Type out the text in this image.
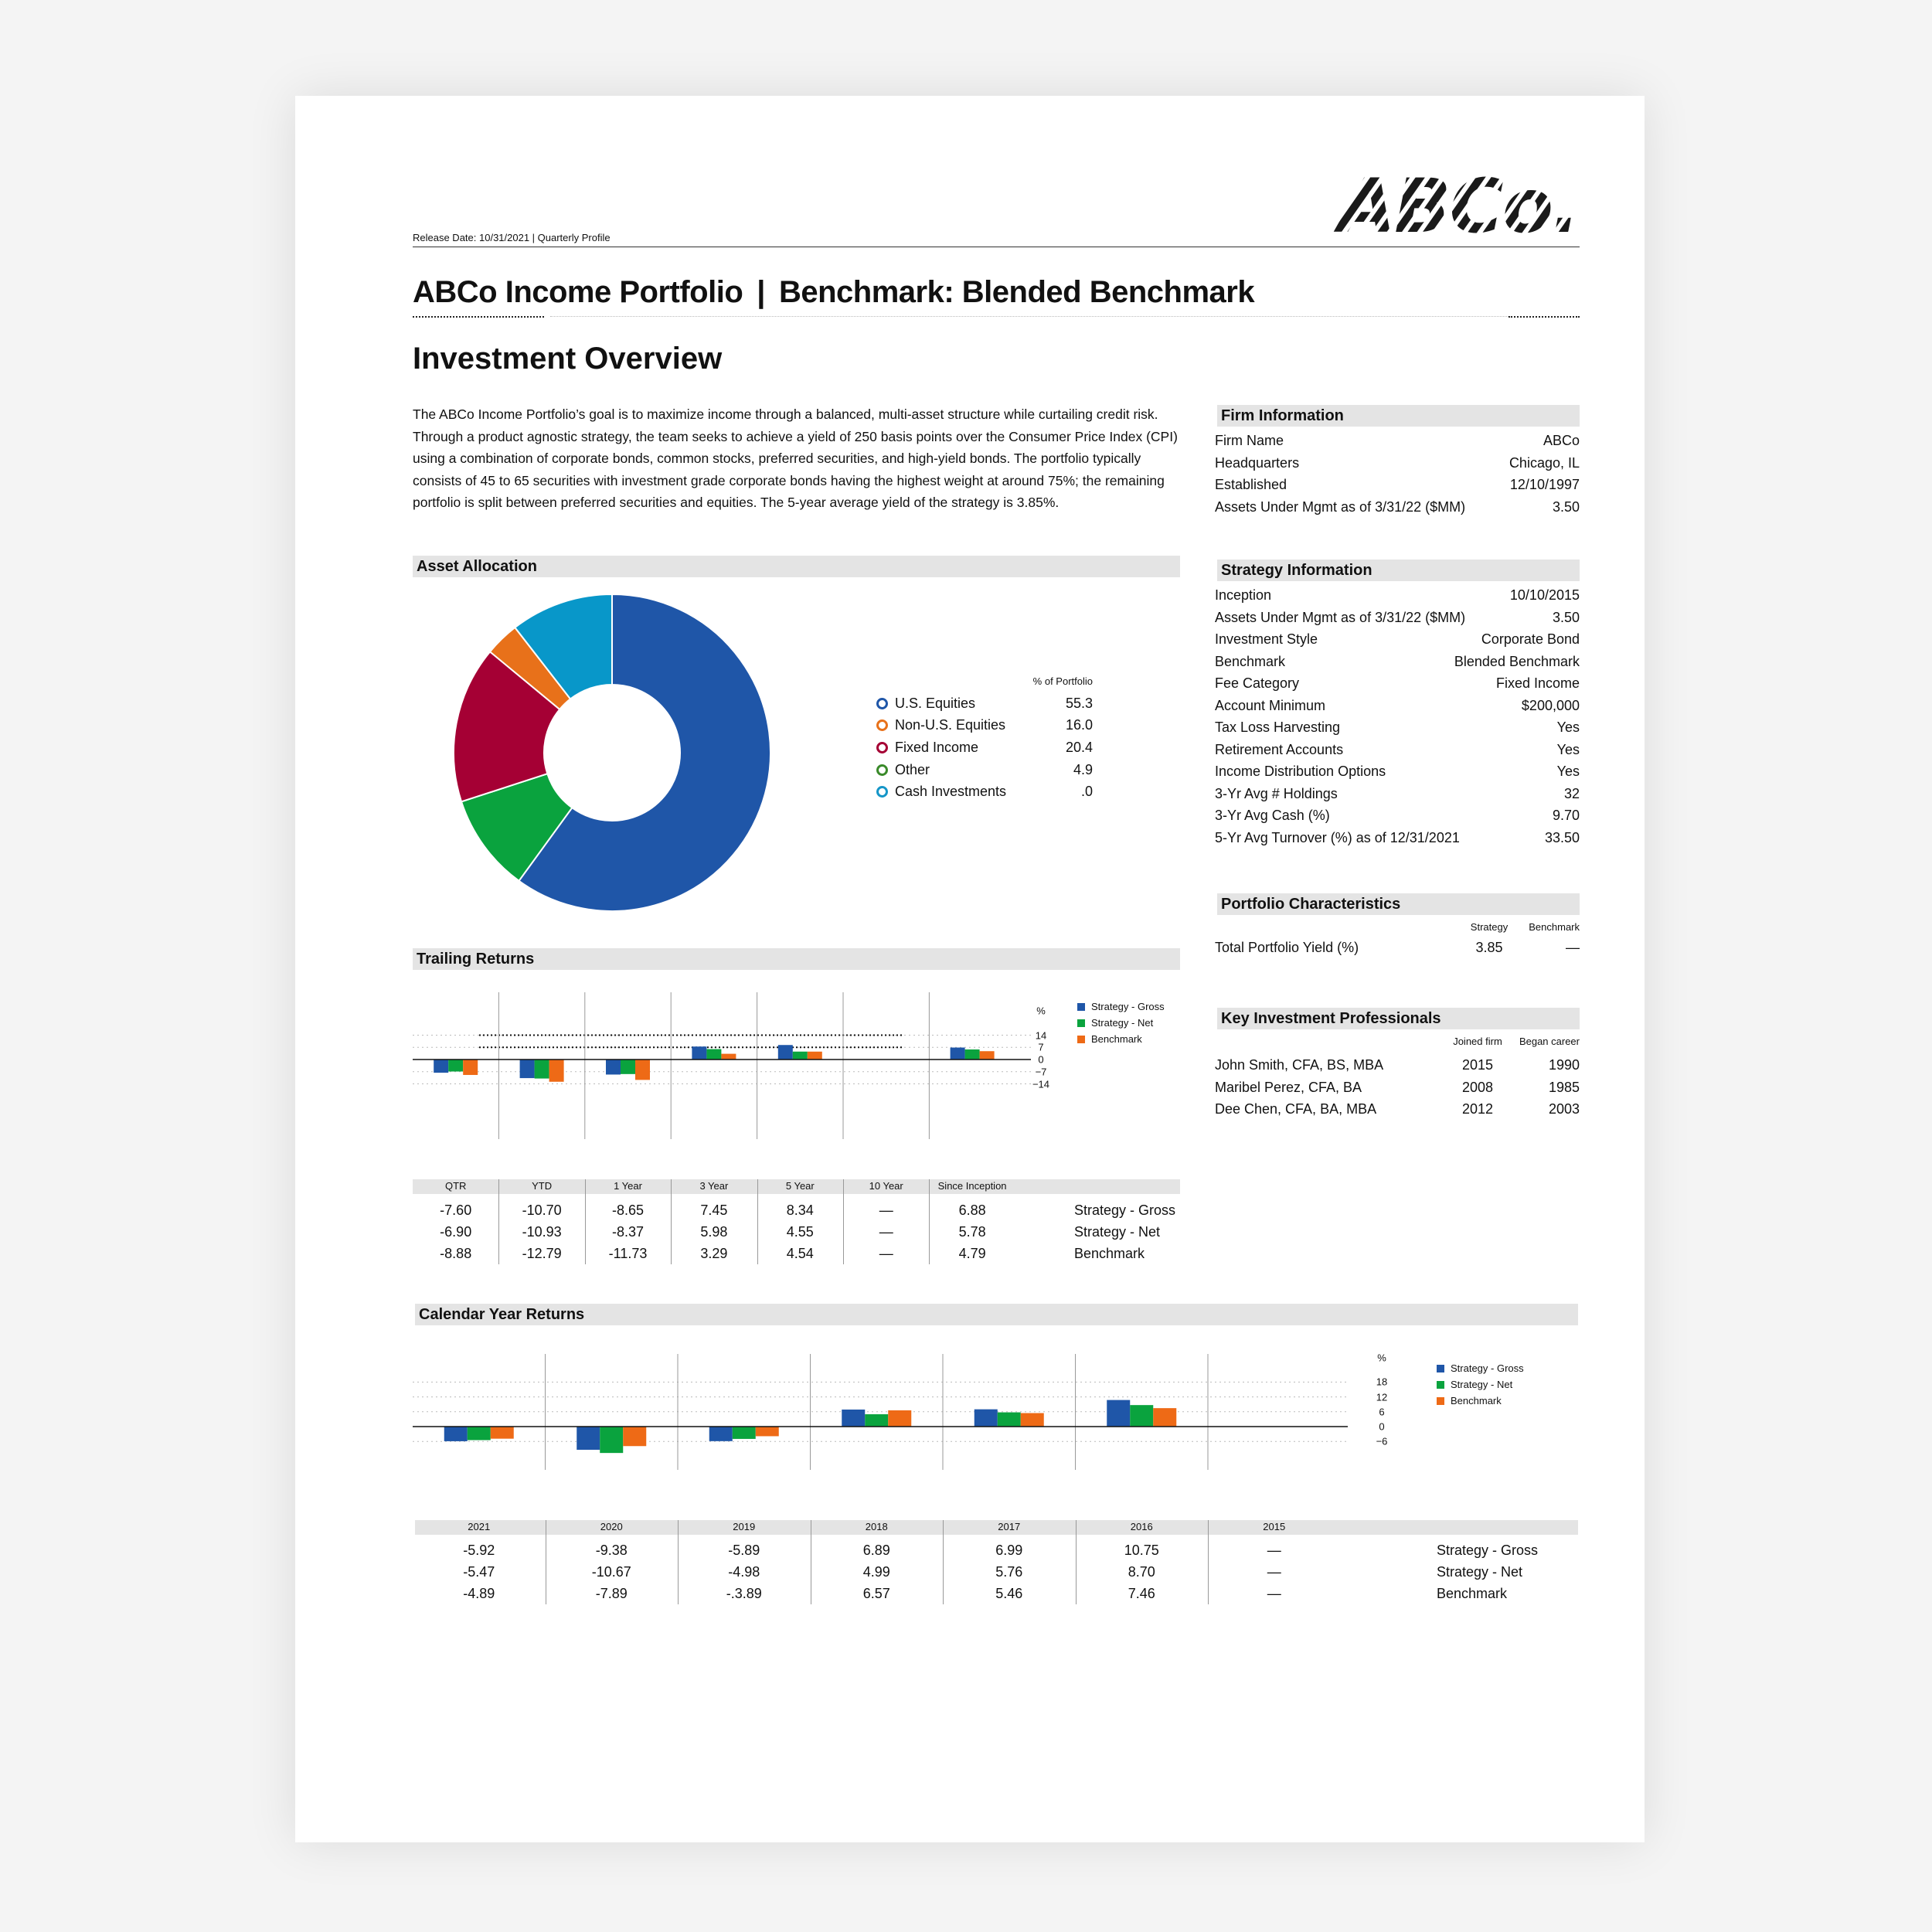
Release Date: 10/31/2021 | Quarterly Profile	ABCo.
ABCo Income Portfolio | Benchmark: Blended Benchmark
Investment Overview
The ABCo Income Portfolio’s goal is to maximize income through a balanced, multi-asset structure while curtailing credit risk. Through a product agnostic strategy, the team seeks to achieve a yield of 250 basis points over the Consumer Price Index (CPI) using a combination of corporate bonds, common stocks, preferred securities, and high-yield bonds. The portfolio typically consists of 45 to 65 securities with investment grade corporate bonds having the highest weight at around 75%; the remaining portfolio is split between preferred securities and equities. The 5-year average yield of the strategy is 3.85%.
Firm Information
Firm Name	ABCo
Headquarters	Chicago, IL
Established	12/10/1997
Assets Under Mgmt as of 3/31/22 ($MM)	3.50
Strategy Information
Inception	10/10/2015
Assets Under Mgmt as of 3/31/22 ($MM)	3.50
Investment Style	Corporate Bond
Benchmark	Blended Benchmark
Fee Category	Fixed Income
Account Minimum	$200,000
Tax Loss Harvesting	Yes
Retirement Accounts	Yes
Income Distribution Options	Yes
3-Yr Avg # Holdings	32
3-Yr Avg Cash (%)	9.70
5-Yr Avg Turnover (%) as of 12/31/2021	33.50
Portfolio Characteristics
Strategy	Benchmark
Total Portfolio Yield (%)	3.85	—
Key Investment Professionals
Joined firm	Began career
John Smith, CFA, BS, MBA	2015	1990
Maribel Perez, CFA, BA	2008	1985
Dee Chen, CFA, BA, MBA	2012	2003
Asset Allocation
% of Portfolio
U.S. Equities	55.3
Non-U.S. Equities	16.0
Fixed Income	20.4
Other	4.9
Cash Investments	.0
Trailing Returns
%
14
7
0
−7
−14
Strategy - Gross
Strategy - Net
Benchmark
QTR	YTD	1 Year	3 Year	5 Year	10 Year	Since Inception
-7.60	-10.70	-8.65	7.45	8.34	—	6.88	Strategy - Gross
-6.90	-10.93	-8.37	5.98	4.55	—	5.78	Strategy - Net
-8.88	-12.79	-11.73	3.29	4.54	—	4.79	Benchmark
Calendar Year Returns
%
18
12
6
0
−6
Strategy - Gross
Strategy - Net
Benchmark
2021	2020	2019	2018	2017	2016	2015
-5.92	-9.38	-5.89	6.89	6.99	10.75	—	Strategy - Gross
-5.47	-10.67	-4.98	4.99	5.76	8.70	—	Strategy - Net
-4.89	-7.89	-.3.89	6.57	5.46	7.46	—	Benchmark
